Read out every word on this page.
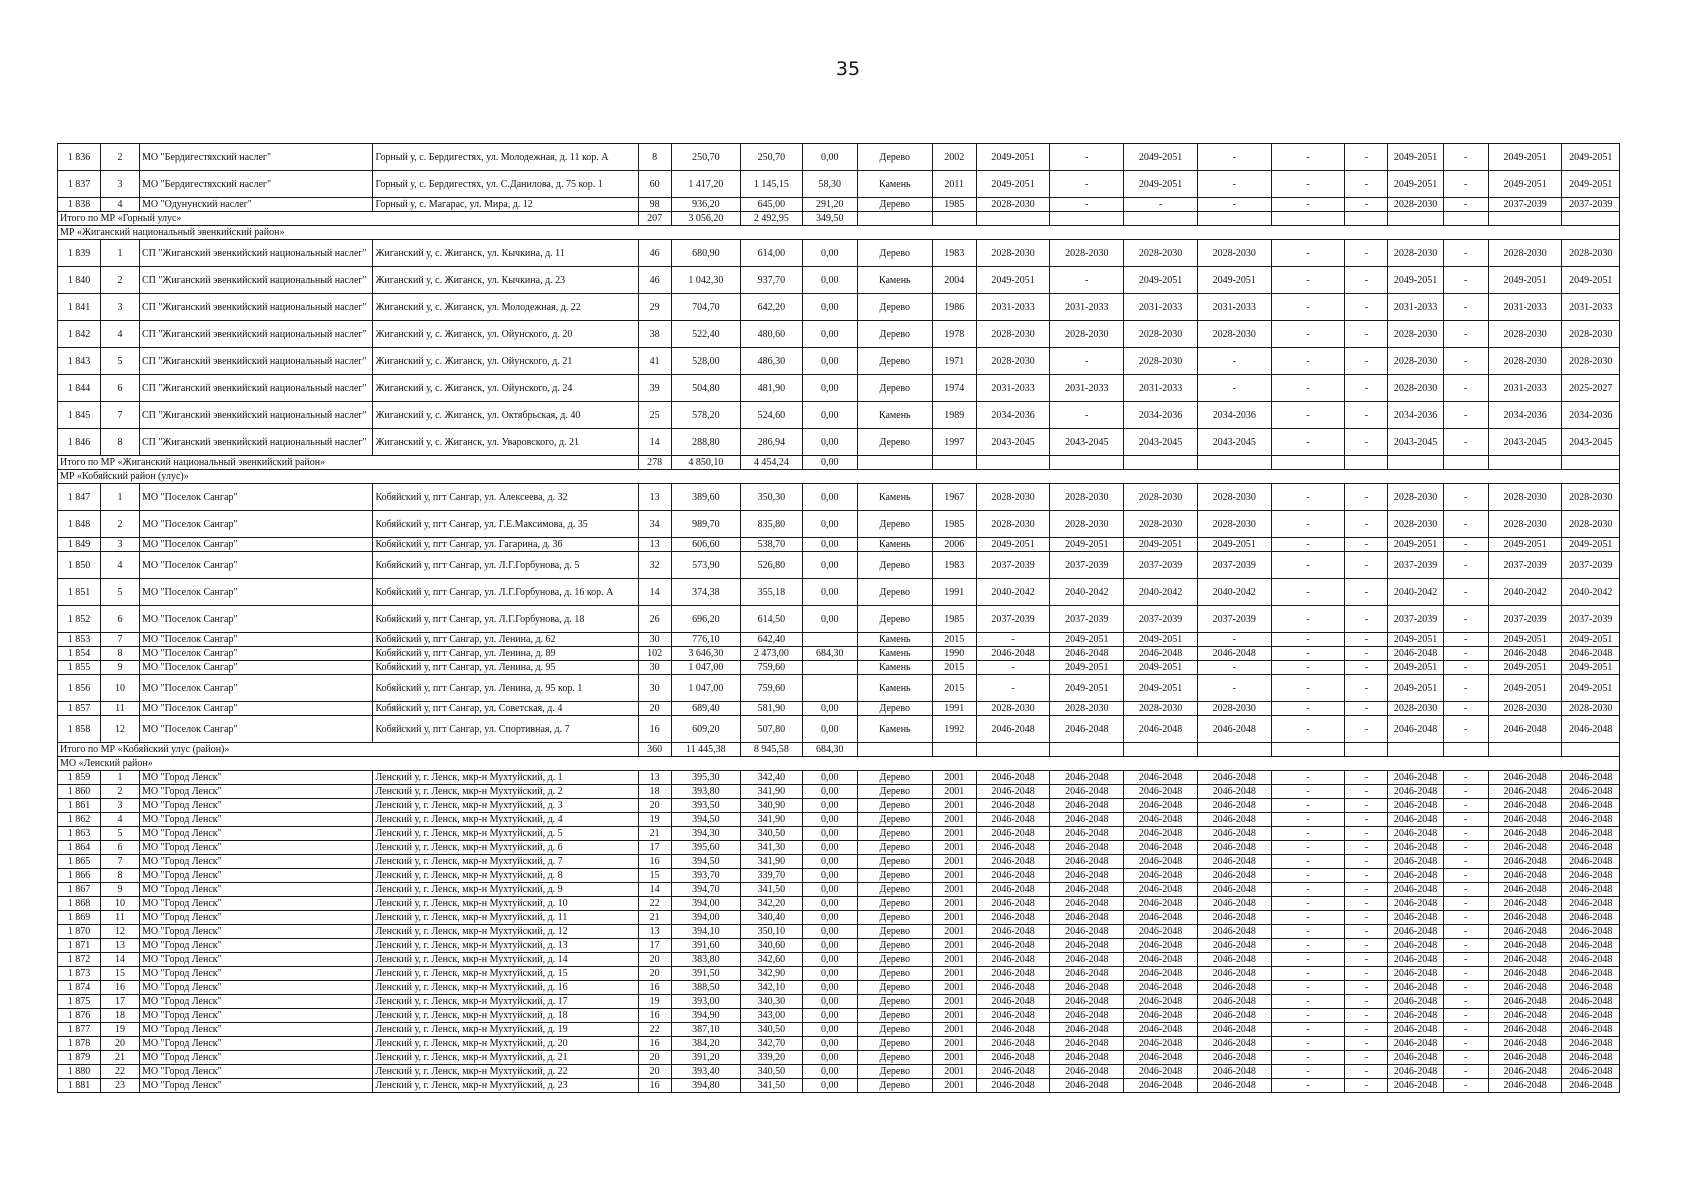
35
1 836	2	МО "Бердигестяхский наслег"	Горный у, с. Бердигестях, ул. Молодежная, д. 11 кор. А	8	250,70	250,70	0,00	Дерево	2002	2049-2051	-	2049-2051	-	-	-	2049-2051	-	2049-2051	2049-2051
1 837	3	МО "Бердигестяхский наслег"	Горный у, с. Бердигестях, ул. С.Данилова, д. 75 кор. 1	60	1 417,20	1 145,15	58,30	Камень	2011	2049-2051	-	2049-2051	-	-	-	2049-2051	-	2049-2051	2049-2051
1 838	4	МО "Одунунский наслег"	Горный у, с. Магарас, ул. Мира, д. 12	98	936,20	645,00	291,20	Дерево	1985	2028-2030	-	-	-	-	-	2028-2030	-	2037-2039	2037-2039
Итого по МР «Горный улус»				207	3 056,20	2 492,95	349,50												
МР «Жиганский национальный эвенкийский район»																			
1 839	1	СП "Жиганский эвенкийский национальный наслег"	Жиганский у, с. Жиганск, ул. Кычкина, д. 11	46	680,90	614,00	0,00	Дерево	1983	2028-2030	2028-2030	2028-2030	2028-2030	-	-	2028-2030	-	2028-2030	2028-2030
1 840	2	СП "Жиганский эвенкийский национальный наслег"	Жиганский у, с. Жиганск, ул. Кычкина, д. 23	46	1 042,30	937,70	0,00	Камень	2004	2049-2051	-	2049-2051	2049-2051	-	-	2049-2051	-	2049-2051	2049-2051
1 841	3	СП "Жиганский эвенкийский национальный наслег"	Жиганский у, с. Жиганск, ул. Молодежная, д. 22	29	704,70	642,20	0,00	Дерево	1986	2031-2033	2031-2033	2031-2033	2031-2033	-	-	2031-2033	-	2031-2033	2031-2033
1 842	4	СП "Жиганский эвенкийский национальный наслег"	Жиганский у, с. Жиганск, ул. Ойунского, д. 20	38	522,40	480,60	0,00	Дерево	1978	2028-2030	2028-2030	2028-2030	2028-2030	-	-	2028-2030	-	2028-2030	2028-2030
1 843	5	СП "Жиганский эвенкийский национальный наслег"	Жиганский у, с. Жиганск, ул. Ойунского, д. 21	41	528,00	486,30	0,00	Дерево	1971	2028-2030	-	2028-2030	-	-	-	2028-2030	-	2028-2030	2028-2030
1 844	6	СП "Жиганский эвенкийский национальный наслег"	Жиганский у, с. Жиганск, ул. Ойунского, д. 24	39	504,80	481,90	0,00	Дерево	1974	2031-2033	2031-2033	2031-2033	-	-	-	2028-2030	-	2031-2033	2025-2027
1 845	7	СП "Жиганский эвенкийский национальный наслег"	Жиганский у, с. Жиганск, ул. Октябрьская, д. 40	25	578,20	524,60	0,00	Камень	1989	2034-2036	-	2034-2036	2034-2036	-	-	2034-2036	-	2034-2036	2034-2036
1 846	8	СП "Жиганский эвенкийский национальный наслег"	Жиганский у, с. Жиганск, ул. Уваровского, д. 21	14	288,80	286,94	0,00	Дерево	1997	2043-2045	2043-2045	2043-2045	2043-2045	-	-	2043-2045	-	2043-2045	2043-2045
Итого по МР «Жиганский национальный эвенкийский район»				278	4 850,10	4 454,24	0,00												
МР «Кобяйский район (улус)»																			
1 847	1	МО "Поселок Сангар"	Кобяйский у, пгт Сангар, ул. Алексеева, д. 32	13	389,60	350,30	0,00	Камень	1967	2028-2030	2028-2030	2028-2030	2028-2030	-	-	2028-2030	-	2028-2030	2028-2030
1 848	2	МО "Поселок Сангар"	Кобяйский у, пгт Сангар, ул. Г.Е.Максимова, д. 35	34	989,70	835,80	0,00	Дерево	1985	2028-2030	2028-2030	2028-2030	2028-2030	-	-	2028-2030	-	2028-2030	2028-2030
1 849	3	МО "Поселок Сангар"	Кобяйский у, пгт Сангар, ул. Гагарина, д. 36	13	606,60	538,70	0,00	Камень	2006	2049-2051	2049-2051	2049-2051	2049-2051	-	-	2049-2051	-	2049-2051	2049-2051
1 850	4	МО "Поселок Сангар"	Кобяйский у, пгт Сангар, ул. Л.Г.Горбунова, д. 5	32	573,90	526,80	0,00	Дерево	1983	2037-2039	2037-2039	2037-2039	2037-2039	-	-	2037-2039	-	2037-2039	2037-2039
1 851	5	МО "Поселок Сангар"	Кобяйский у, пгт Сангар, ул. Л.Г.Горбунова, д. 16 кор. А	14	374,38	355,18	0,00	Дерево	1991	2040-2042	2040-2042	2040-2042	2040-2042	-	-	2040-2042	-	2040-2042	2040-2042
1 852	6	МО "Поселок Сангар"	Кобяйский у, пгт Сангар, ул. Л.Г.Горбунова, д. 18	26	696,20	614,50	0,00	Дерево	1985	2037-2039	2037-2039	2037-2039	2037-2039	-	-	2037-2039	-	2037-2039	2037-2039
1 853	7	МО "Поселок Сангар"	Кобяйский у, пгт Сангар, ул. Ленина, д. 62	30	776,10	642,40		Камень	2015	-	2049-2051	2049-2051	-	-	-	2049-2051	-	2049-2051	2049-2051
1 854	8	МО "Поселок Сангар"	Кобяйский у, пгт Сангар, ул. Ленина, д. 89	102	3 646,30	2 473,00	684,30	Камень	1990	2046-2048	2046-2048	2046-2048	2046-2048	-	-	2046-2048	-	2046-2048	2046-2048
1 855	9	МО "Поселок Сангар"	Кобяйский у, пгт Сангар, ул. Ленина, д. 95	30	1 047,00	759,60		Камень	2015	-	2049-2051	2049-2051	-	-	-	2049-2051	-	2049-2051	2049-2051
1 856	10	МО "Поселок Сангар"	Кобяйский у, пгт Сангар, ул. Ленина, д. 95 кор. 1	30	1 047,00	759,60		Камень	2015	-	2049-2051	2049-2051	-	-	-	2049-2051	-	2049-2051	2049-2051
1 857	11	МО "Поселок Сангар"	Кобяйский у, пгт Сангар, ул. Советская, д. 4	20	689,40	581,90	0,00	Дерево	1991	2028-2030	2028-2030	2028-2030	2028-2030	-	-	2028-2030	-	2028-2030	2028-2030
1 858	12	МО "Поселок Сангар"	Кобяйский у, пгт Сангар, ул. Спортивная, д. 7	16	609,20	507,80	0,00	Камень	1992	2046-2048	2046-2048	2046-2048	2046-2048	-	-	2046-2048	-	2046-2048	2046-2048
Итого по МР «Кобяйский улус (район)»				360	11 445,38	8 945,58	684,30												
МО «Ленский район»																			
1 859	1	МО "Город Ленск"	Ленский у, г. Ленск, мкр-н Мухтуйский, д. 1	13	395,30	342,40	0,00	Дерево	2001	2046-2048	2046-2048	2046-2048	2046-2048	-	-	2046-2048	-	2046-2048	2046-2048
1 860	2	МО "Город Ленск"	Ленский у, г. Ленск, мкр-н Мухтуйский, д. 2	18	393,80	341,90	0,00	Дерево	2001	2046-2048	2046-2048	2046-2048	2046-2048	-	-	2046-2048	-	2046-2048	2046-2048
1 861	3	МО "Город Ленск"	Ленский у, г. Ленск, мкр-н Мухтуйский, д. 3	20	393,50	340,90	0,00	Дерево	2001	2046-2048	2046-2048	2046-2048	2046-2048	-	-	2046-2048	-	2046-2048	2046-2048
1 862	4	МО "Город Ленск"	Ленский у, г. Ленск, мкр-н Мухтуйский, д. 4	19	394,50	341,90	0,00	Дерево	2001	2046-2048	2046-2048	2046-2048	2046-2048	-	-	2046-2048	-	2046-2048	2046-2048
1 863	5	МО "Город Ленск"	Ленский у, г. Ленск, мкр-н Мухтуйский, д. 5	21	394,30	340,50	0,00	Дерево	2001	2046-2048	2046-2048	2046-2048	2046-2048	-	-	2046-2048	-	2046-2048	2046-2048
1 864	6	МО "Город Ленск"	Ленский у, г. Ленск, мкр-н Мухтуйский, д. 6	17	395,60	341,30	0,00	Дерево	2001	2046-2048	2046-2048	2046-2048	2046-2048	-	-	2046-2048	-	2046-2048	2046-2048
1 865	7	МО "Город Ленск"	Ленский у, г. Ленск, мкр-н Мухтуйский, д. 7	16	394,50	341,90	0,00	Дерево	2001	2046-2048	2046-2048	2046-2048	2046-2048	-	-	2046-2048	-	2046-2048	2046-2048
1 866	8	МО "Город Ленск"	Ленский у, г. Ленск, мкр-н Мухтуйский, д. 8	15	393,70	339,70	0,00	Дерево	2001	2046-2048	2046-2048	2046-2048	2046-2048	-	-	2046-2048	-	2046-2048	2046-2048
1 867	9	МО "Город Ленск"	Ленский у, г. Ленск, мкр-н Мухтуйский, д. 9	14	394,70	341,50	0,00	Дерево	2001	2046-2048	2046-2048	2046-2048	2046-2048	-	-	2046-2048	-	2046-2048	2046-2048
1 868	10	МО "Город Ленск"	Ленский у, г. Ленск, мкр-н Мухтуйский, д. 10	22	394,00	342,20	0,00	Дерево	2001	2046-2048	2046-2048	2046-2048	2046-2048	-	-	2046-2048	-	2046-2048	2046-2048
1 869	11	МО "Город Ленск"	Ленский у, г. Ленск, мкр-н Мухтуйский, д. 11	21	394,00	340,40	0,00	Дерево	2001	2046-2048	2046-2048	2046-2048	2046-2048	-	-	2046-2048	-	2046-2048	2046-2048
1 870	12	МО "Город Ленск"	Ленский у, г. Ленск, мкр-н Мухтуйский, д. 12	13	394,10	350,10	0,00	Дерево	2001	2046-2048	2046-2048	2046-2048	2046-2048	-	-	2046-2048	-	2046-2048	2046-2048
1 871	13	МО "Город Ленск"	Ленский у, г. Ленск, мкр-н Мухтуйский, д. 13	17	391,60	340,60	0,00	Дерево	2001	2046-2048	2046-2048	2046-2048	2046-2048	-	-	2046-2048	-	2046-2048	2046-2048
1 872	14	МО "Город Ленск"	Ленский у, г. Ленск, мкр-н Мухтуйский, д. 14	20	383,80	342,60	0,00	Дерево	2001	2046-2048	2046-2048	2046-2048	2046-2048	-	-	2046-2048	-	2046-2048	2046-2048
1 873	15	МО "Город Ленск"	Ленский у, г. Ленск, мкр-н Мухтуйский, д. 15	20	391,50	342,90	0,00	Дерево	2001	2046-2048	2046-2048	2046-2048	2046-2048	-	-	2046-2048	-	2046-2048	2046-2048
1 874	16	МО "Город Ленск"	Ленский у, г. Ленск, мкр-н Мухтуйский, д. 16	16	388,50	342,10	0,00	Дерево	2001	2046-2048	2046-2048	2046-2048	2046-2048	-	-	2046-2048	-	2046-2048	2046-2048
1 875	17	МО "Город Ленск"	Ленский у, г. Ленск, мкр-н Мухтуйский, д. 17	19	393,00	340,30	0,00	Дерево	2001	2046-2048	2046-2048	2046-2048	2046-2048	-	-	2046-2048	-	2046-2048	2046-2048
1 876	18	МО "Город Ленск"	Ленский у, г. Ленск, мкр-н Мухтуйский, д. 18	16	394,90	343,00	0,00	Дерево	2001	2046-2048	2046-2048	2046-2048	2046-2048	-	-	2046-2048	-	2046-2048	2046-2048
1 877	19	МО "Город Ленск"	Ленский у, г. Ленск, мкр-н Мухтуйский, д. 19	22	387,10	340,50	0,00	Дерево	2001	2046-2048	2046-2048	2046-2048	2046-2048	-	-	2046-2048	-	2046-2048	2046-2048
1 878	20	МО "Город Ленск"	Ленский у, г. Ленск, мкр-н Мухтуйский, д. 20	16	384,20	342,70	0,00	Дерево	2001	2046-2048	2046-2048	2046-2048	2046-2048	-	-	2046-2048	-	2046-2048	2046-2048
1 879	21	МО "Город Ленск"	Ленский у, г. Ленск, мкр-н Мухтуйский, д. 21	20	391,20	339,20	0,00	Дерево	2001	2046-2048	2046-2048	2046-2048	2046-2048	-	-	2046-2048	-	2046-2048	2046-2048
1 880	22	МО "Город Ленск"	Ленский у, г. Ленск, мкр-н Мухтуйский, д. 22	20	393,40	340,50	0,00	Дерево	2001	2046-2048	2046-2048	2046-2048	2046-2048	-	-	2046-2048	-	2046-2048	2046-2048
1 881	23	МО "Город Ленск"	Ленский у, г. Ленск, мкр-н Мухтуйский, д. 23	16	394,80	341,50	0,00	Дерево	2001	2046-2048	2046-2048	2046-2048	2046-2048	-	-	2046-2048	-	2046-2048	2046-2048
